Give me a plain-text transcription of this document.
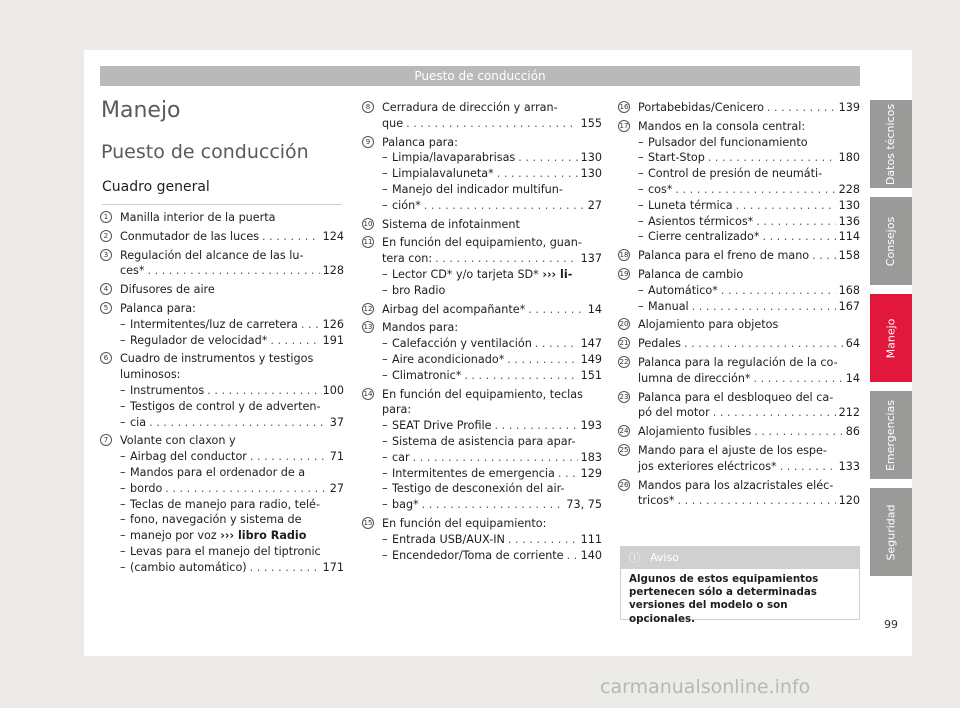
Puesto de conducción
Manejo
Puesto de conducción
Cuadro general
1	Manilla interior de la puerta
2	Conmutador de las luces . . .	124
3	Regulación del alcance de las lu-
ces* . . .	128
4	Difusores de aire
5	Palanca para:
– Intermitentes/luz de carretera . . . 126
– Regulador de velocidad* . . .	191
6	Cuadro de instrumentos y testigos
luminosos:
– Instrumentos . . .	100
– Testigos de control y de adverten-
– cia . . .	37
7	Volante con claxon y
– Airbag del conductor . . .	71
– Mandos para el ordenador de a
– bordo . . .	27
– Teclas de manejo para radio, telé-
– fono, navegación y sistema de
– manejo por voz ››› libro Radio
– Levas para el manejo del tiptronic
– (cambio automático) . . .	171
8	Cerradura de dirección y arran-
que . . .	155
9	Palanca para:
– Limpia/lavaparabrisas . . .	130
– Limpialavaluneta* . . .	130
– Manejo del indicador multifun-
– ción* . . .	27
10 Sistema de infotainment
11 En función del equipamiento, guan-
tera con: . . .	137
– Lector CD* y/o tarjeta SD* ››› li-
– bro Radio
12 Airbag del acompañante* . . .	14
13 Mandos para:
– Calefacción y ventilación . . .	147
– Aire acondicionado* . . .	149
– Climatronic* . . .	151
14 En función del equipamiento, teclas
para:
– SEAT Drive Profile . . .	193
– Sistema de asistencia para apar-
– car . . .	183
– Intermitentes de emergencia . . . 129
– Testigo de desconexión del air-
– bag* . . .	73, 75
15 En función del equipamiento:
– Entrada USB/AUX-IN . . .	111
– Encendedor/Toma de corriente . . . 140
16 Portabebidas/Cenicero . . .	139
17 Mandos en la consola central:
– Pulsador del funcionamiento
– Start-Stop . . .	180
– Control de presión de neumáti-
– cos* . . .	228
– Luneta térmica . . .	130
– Asientos térmicos* . . .	136
– Cierre centralizado* . . .	114
18 Palanca para el freno de mano . . .	158
19 Palanca de cambio
– Automático* . . .	168
– Manual . . .	167
20 Alojamiento para objetos
21 Pedales . . .	64
22 Palanca para la regulación de la co-
lumna de dirección* . . .	14
23 Palanca para el desbloqueo del ca-
pó del motor . . .	212
24 Alojamiento fusibles . . .	86
25 Mando para el ajuste de los espe-
jos exteriores eléctricos* . . .	133
26 Mandos para los alzacristales eléc-
tricos* . . .	120
ⓘ Aviso
Algunos de estos equipamientos pertenecen sólo a determinadas versiones del modelo o son opcionales.
Datos técnicos
Consejos
Manejo
Emergencias
Seguridad
99
carmanualsonline.info
